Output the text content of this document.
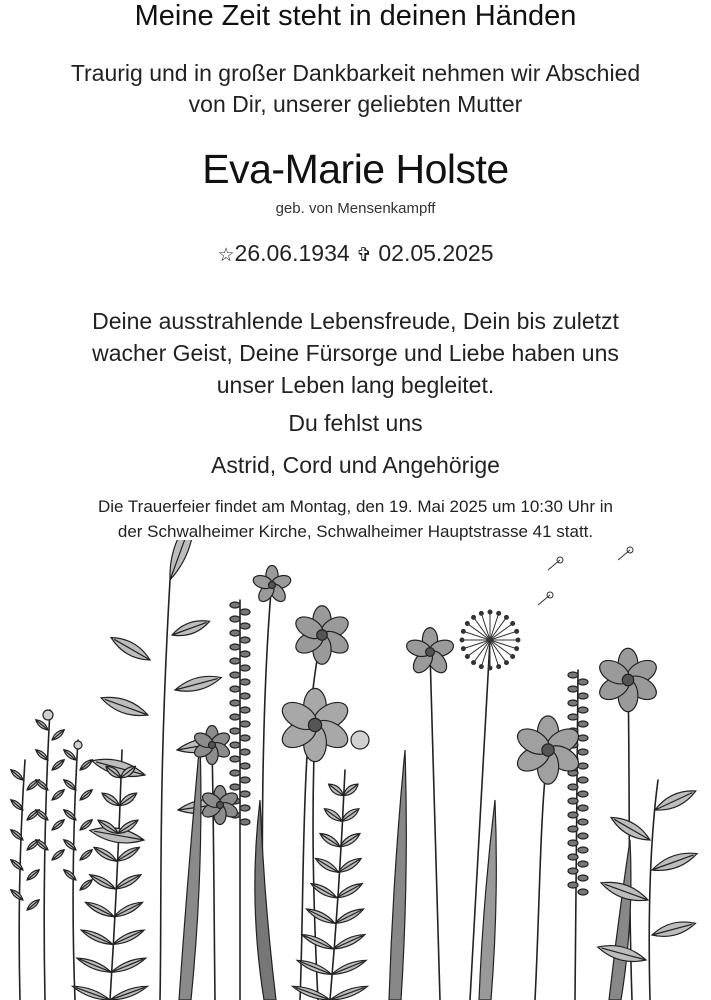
Meine Zeit steht in deinen Händen
Traurig und in großer Dankbarkeit nehmen wir Abschied
von Dir, unserer geliebten Mutter
Eva-Marie Holste
geb. von Mensenkampff
☆26.06.1934 ✞ 02.05.2025
Deine ausstrahlende Lebensfreude, Dein bis zuletzt
wacher Geist, Deine Fürsorge und Liebe haben uns
unser Leben lang begleitet.
Du fehlst uns
Astrid, Cord und Angehörige
Die Trauerfeier findet am Montag, den 19. Mai 2025 um 10:30 Uhr in
der Schwalheimer Kirche, Schwalheimer Hauptstrasse 41 statt.
